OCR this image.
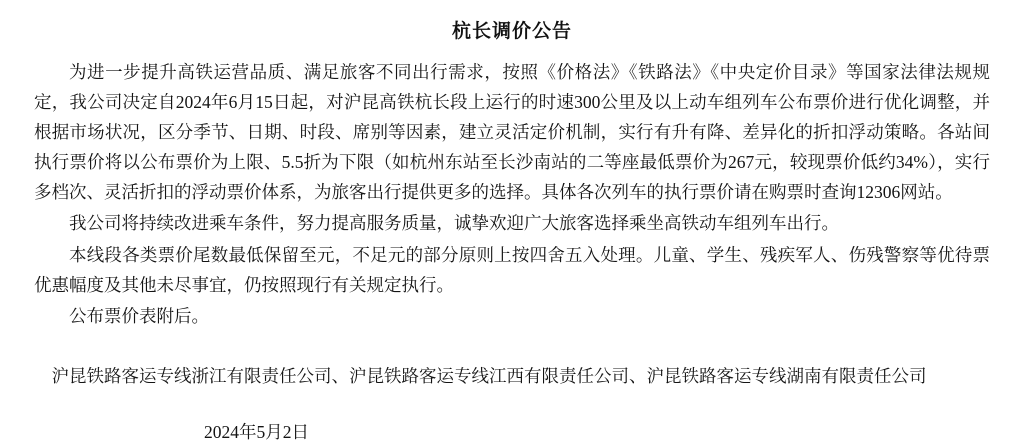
杭长调价公告

为进一步提升高铁运营品质、满足旅客不同出行需求，按照《价格法》《铁路法》《中央定价目录》等国家法律法规规定，我公司决定自2024年6月15日起，对沪昆高铁杭长段上运行的时速300公里及以上动车组列车公布票价进行优化调整，并根据市场状况，区分季节、日期、时段、席别等因素，建立灵活定价机制，实行有升有降、差异化的折扣浮动策略。各站间执行票价将以公布票价为上限、5.5折为下限（如杭州东站至长沙南站的二等座最低票价为267元，较现票价低约34%），实行多档次、灵活折扣的浮动票价体系，为旅客出行提供更多的选择。具体各次列车的执行票价请在购票时查询12306网站。

我公司将持续改进乘车条件，努力提高服务质量，诚挚欢迎广大旅客选择乘坐高铁动车组列车出行。

本线段各类票价尾数最低保留至元，不足元的部分原则上按四舍五入处理。儿童、学生、残疾军人、伤残警察等优待票优惠幅度及其他未尽事宜，仍按照现行有关规定执行。

公布票价表附后。

沪昆铁路客运专线浙江有限责任公司、沪昆铁路客运专线江西有限责任公司、沪昆铁路客运专线湖南有限责任公司
2024年5月2日
